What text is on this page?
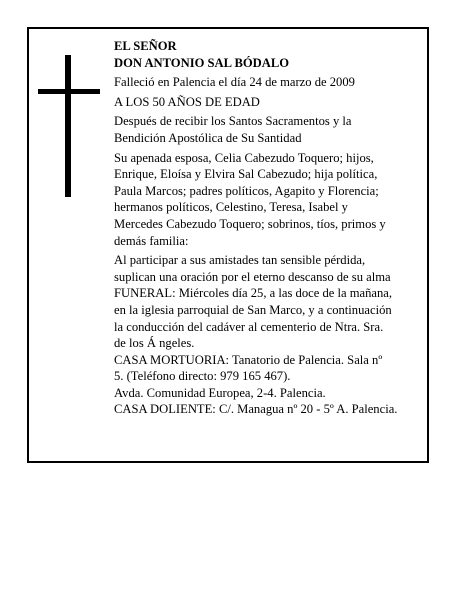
EL SEÑOR
DON ANTONIO SAL BÓDALO
Falleció en Palencia el día 24 de marzo de 2009
A LOS 50 AÑOS DE EDAD
Después de recibir los Santos Sacramentos y la
Bendición Apostólica de Su Santidad
Su apenada esposa, Celia Cabezudo Toquero; hijos,
Enrique, Eloísa y Elvira Sal Cabezudo; hija política,
Paula Marcos; padres políticos, Agapito y Florencia;
hermanos políticos, Celestino, Teresa, Isabel y
Mercedes Cabezudo Toquero; sobrinos, tíos, primos y
demás familia:
Al participar a sus amistades tan sensible pérdida,
suplican una oración por el eterno descanso de su alma
FUNERAL: Miércoles día 25, a las doce de la mañana,
en la iglesia parroquial de San Marco, y a continuación
la conducción del cadáver al cementerio de Ntra. Sra.
de los Á ngeles.
CASA MORTUORIA: Tanatorio de Palencia. Sala nº
5. (Teléfono directo: 979 165 467).
Avda. Comunidad Europea, 2-4. Palencia.
CASA DOLIENTE: C/. Managua nº 20 - 5º A. Palencia.
